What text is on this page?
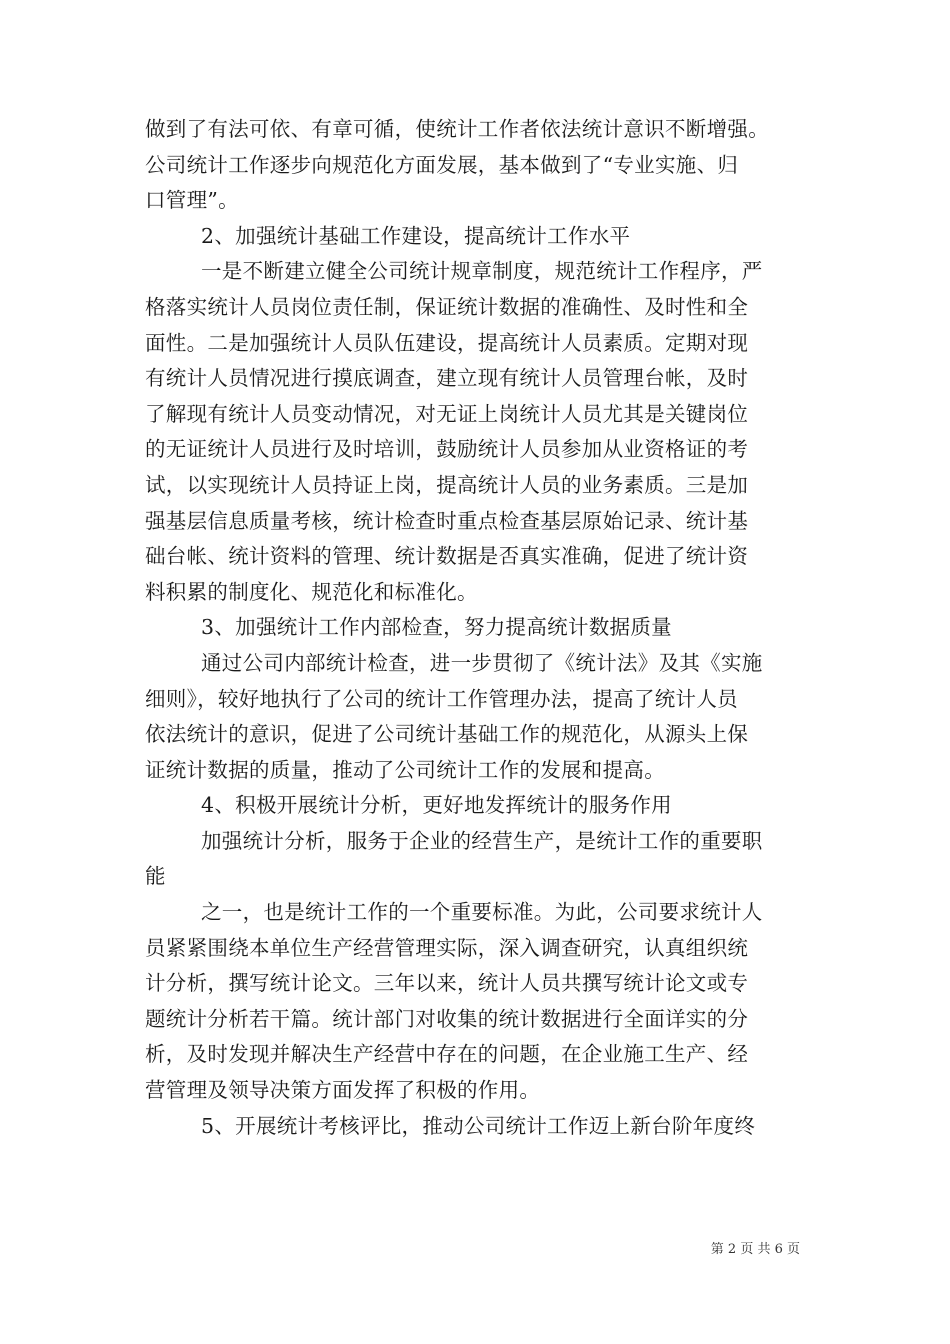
做到了有法可依、有章可循，使统计工作者依法统计意识不断增强。
公司统计工作逐步向规范化方面发展，基本做到了“专业实施、归
口管理”。
2、加强统计基础工作建设，提高统计工作水平
一是不断建立健全公司统计规章制度，规范统计工作程序，严
格落实统计人员岗位责任制，保证统计数据的准确性、及时性和全
面性。二是加强统计人员队伍建设，提高统计人员素质。定期对现
有统计人员情况进行摸底调查，建立现有统计人员管理台帐，及时
了解现有统计人员变动情况，对无证上岗统计人员尤其是关键岗位
的无证统计人员进行及时培训，鼓励统计人员参加从业资格证的考
试，以实现统计人员持证上岗，提高统计人员的业务素质。三是加
强基层信息质量考核，统计检查时重点检查基层原始记录、统计基
础台帐、统计资料的管理、统计数据是否真实准确，促进了统计资
料积累的制度化、规范化和标准化。
3、加强统计工作内部检查，努力提高统计数据质量
通过公司内部统计检查，进一步贯彻了《统计法》及其《实施
细则》，较好地执行了公司的统计工作管理办法，提高了统计人员
依法统计的意识，促进了公司统计基础工作的规范化，从源头上保
证统计数据的质量，推动了公司统计工作的发展和提高。
4、积极开展统计分析，更好地发挥统计的服务作用
加强统计分析，服务于企业的经营生产，是统计工作的重要职
能
之一，也是统计工作的一个重要标准。为此，公司要求统计人
员紧紧围绕本单位生产经营管理实际，深入调查研究，认真组织统
计分析，撰写统计论文。三年以来，统计人员共撰写统计论文或专
题统计分析若干篇。统计部门对收集的统计数据进行全面详实的分
析，及时发现并解决生产经营中存在的问题，在企业施工生产、经
营管理及领导决策方面发挥了积极的作用。
5、开展统计考核评比，推动公司统计工作迈上新台阶年度终
第 2 页 共 6 页
